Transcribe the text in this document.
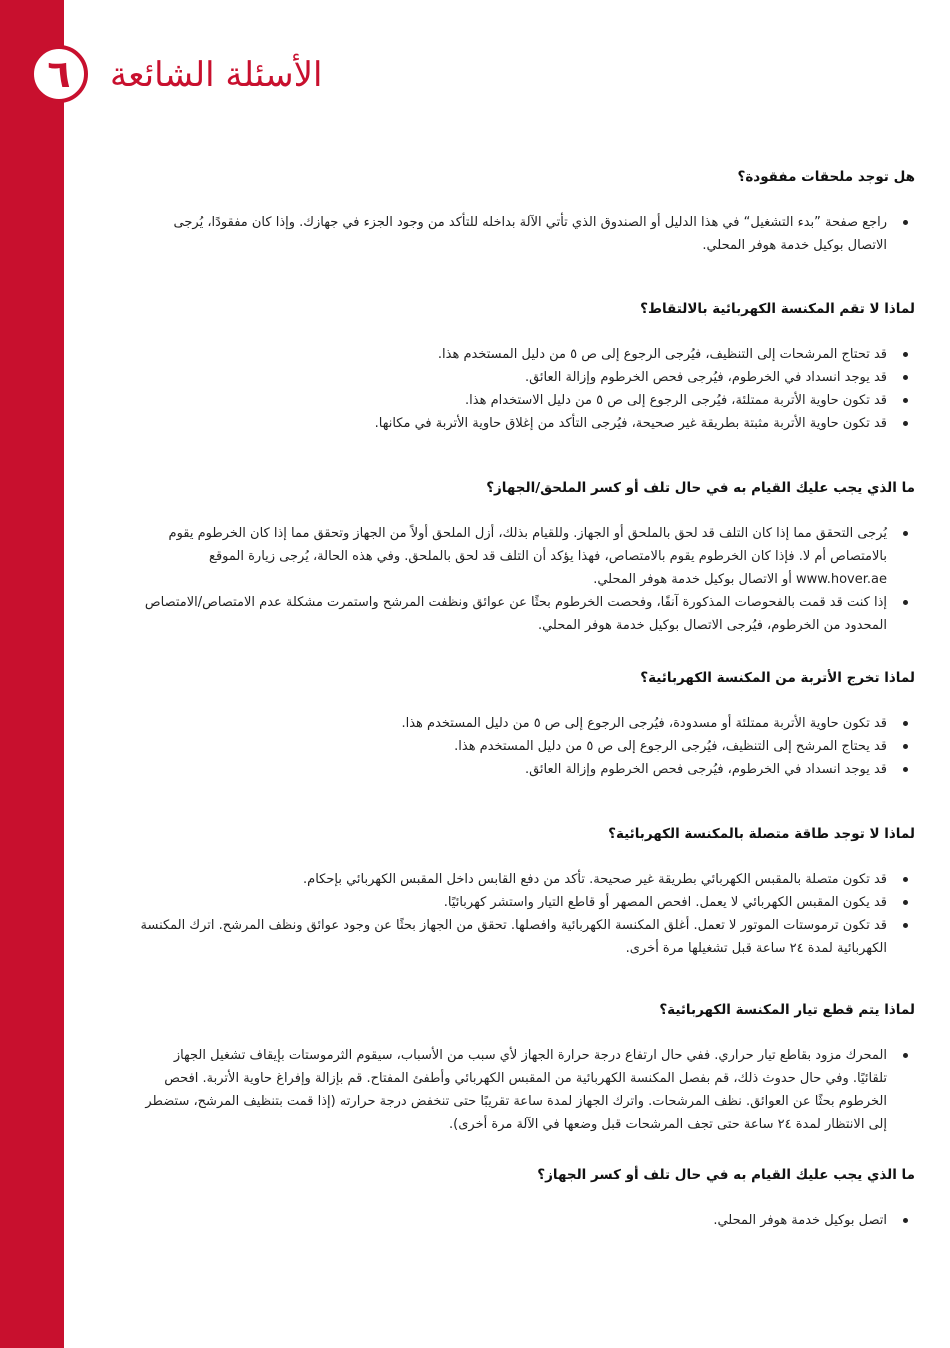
٦ الأسئلة الشائعة
هل توجد ملحقات مفقودة؟
راجع صفحة ”بدء التشغيل“ في هذا الدليل أو الصندوق الذي تأتي الآلة بداخله للتأكد من وجود الجزء في جهازك. وإذا كان مفقودًا، يُرجى الاتصال بوكيل خدمة هوفر المحلي.
لماذا لا تقم المكنسة الكهربائية بالالتقاط؟
قد تحتاج المرشحات إلى التنظيف، فيُرجى الرجوع إلى ص ٥ من دليل المستخدم هذا.
قد يوجد انسداد في الخرطوم، فيُرجى فحص الخرطوم وإزالة العائق.
قد تكون حاوية الأتربة ممتلئة، فيُرجى الرجوع إلى ص ٥ من دليل الاستخدام هذا.
قد تكون حاوية الأتربة مثبتة بطريقة غير صحيحة، فيُرجى التأكد من إغلاق حاوية الأتربة في مكانها.
ما الذي يجب عليك القيام به في حال تلف أو كسر الملحق/الجهاز؟
يُرجى التحقق مما إذا كان التلف قد لحق بالملحق أو الجهاز. وللقيام بذلك، أزل الملحق أولاً من الجهاز وتحقق مما إذا كان الخرطوم يقوم بالامتصاص أم لا. فإذا كان الخرطوم يقوم بالامتصاص، فهذا يؤكد أن التلف قد لحق بالملحق. وفي هذه الحالة، يُرجى زيارة الموقع www.hover.ae أو الاتصال بوكيل خدمة هوفر المحلي.
إذا كنت قد قمت بالفحوصات المذكورة آنفًا، وفحصت الخرطوم بحثًا عن عوائق ونظفت المرشح واستمرت مشكلة عدم الامتصاص/الامتصاص المحدود من الخرطوم، فيُرجى الاتصال بوكيل خدمة هوفر المحلي.
لماذا تخرج الأتربة من المكنسة الكهربائية؟
قد تكون حاوية الأتربة ممتلئة أو مسدودة، فيُرجى الرجوع إلى ص ٥ من دليل المستخدم هذا.
قد يحتاج المرشح إلى التنظيف، فيُرجى الرجوع إلى ص ٥ من دليل المستخدم هذا.
قد يوجد انسداد في الخرطوم، فيُرجى فحص الخرطوم وإزالة العائق.
لماذا لا توجد طاقة متصلة بالمكنسة الكهربائية؟
قد تكون متصلة بالمقبس الكهربائي بطريقة غير صحيحة. تأكد من دفع القابس داخل المقبس الكهربائي بإحكام.
قد يكون المقبس الكهربائي لا يعمل. افحص المصهر أو قاطع التيار واستشر كهربائيًا.
قد تكون ترموستات الموتور لا تعمل. أغلق المكنسة الكهربائية وافصلها. تحقق من الجهاز بحثًا عن وجود عوائق ونظف المرشح. اترك المكنسة الكهربائية لمدة ٢٤ ساعة قبل تشغيلها مرة أخرى.
لماذا يتم قطع تيار المكنسة الكهربائية؟
المحرك مزود بقاطع تيار حراري. ففي حال ارتفاع درجة حرارة الجهاز لأي سبب من الأسباب، سيقوم الثرموستات بإيقاف تشغيل الجهاز تلقائيًا. وفي حال حدوث ذلك، قم بفصل المكنسة الكهربائية من المقبس الكهربائي وأطفئ المفتاح. قم بإزالة وإفراغ حاوية الأتربة. افحص الخرطوم بحثًا عن العوائق. نظف المرشحات. واترك الجهاز لمدة ساعة تقريبًا حتى تنخفض درجة حرارته (إذا قمت بتنظيف المرشح، ستضطر إلى الانتظار لمدة ٢٤ ساعة حتى تجف المرشحات قبل وضعها في الآلة مرة أخرى).
ما الذي يجب عليك القيام به في حال تلف أو كسر الجهاز؟
اتصل بوكيل خدمة هوفر المحلي.
